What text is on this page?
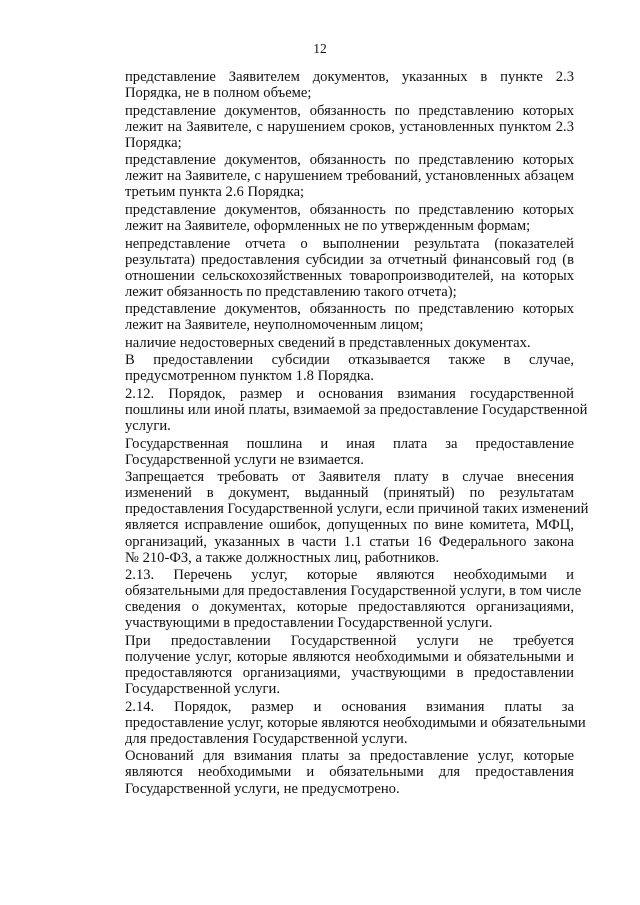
12
представление Заявителем документов, указанных в пункте 2.3
Порядка, не в полном объеме;
представление документов, обязанность по представлению которых
лежит на Заявителе, с нарушением сроков, установленных пунктом 2.3
Порядка;
представление документов, обязанность по представлению которых
лежит на Заявителе, с нарушением требований, установленных абзацем
третьим пункта 2.6 Порядка;
представление документов, обязанность по представлению которых
лежит на Заявителе, оформленных не по утвержденным формам;
непредставление отчета о выполнении результата (показателей
результата) предоставления субсидии за отчетный финансовый год (в
отношении сельскохозяйственных товаропроизводителей, на которых
лежит обязанность по представлению такого отчета);
представление документов, обязанность по представлению которых
лежит на Заявителе, неуполномоченным лицом;
наличие недостоверных сведений в представленных документах.
В предоставлении субсидии отказывается также в случае,
предусмотренном пунктом 1.8 Порядка.
2.12. Порядок, размер и основания взимания государственной
пошлины или иной платы, взимаемой за предоставление Государственной
услуги.
Государственная пошлина и иная плата за предоставление
Государственной услуги не взимается.
Запрещается требовать от Заявителя плату в случае внесения
изменений в документ, выданный (принятый) по результатам
предоставления Государственной услуги, если причиной таких изменений
является исправление ошибок, допущенных по вине комитета, МФЦ,
организаций, указанных в части 1.1 статьи 16 Федерального закона
№ 210-ФЗ, а также должностных лиц, работников.
2.13. Перечень услуг, которые являются необходимыми и
обязательными для предоставления Государственной услуги, в том числе
сведения о документах, которые предоставляются организациями,
участвующими в предоставлении Государственной услуги.
При предоставлении Государственной услуги не требуется
получение услуг, которые являются необходимыми и обязательными и
предоставляются организациями, участвующими в предоставлении
Государственной услуги.
2.14. Порядок, размер и основания взимания платы за
предоставление услуг, которые являются необходимыми и обязательными
для предоставления Государственной услуги.
Оснований для взимания платы за предоставление услуг, которые
являются необходимыми и обязательными для предоставления
Государственной услуги, не предусмотрено.
